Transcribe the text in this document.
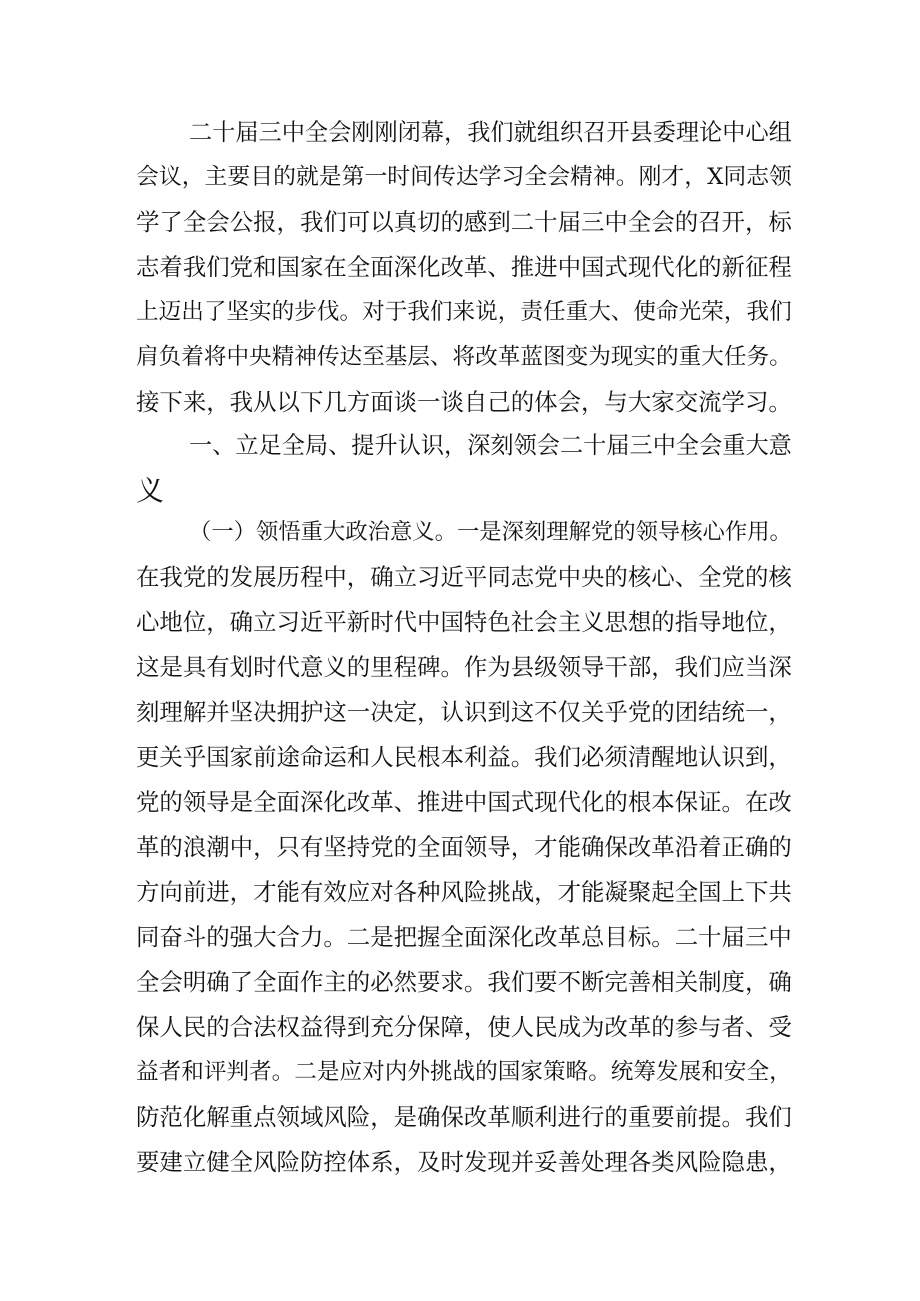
二十届三中全会刚刚闭幕，我们就组织召开县委理论中心组
会议，主要目的就是第一时间传达学习全会精神。刚才，X同志领
学了全会公报，我们可以真切的感到二十届三中全会的召开，标
志着我们党和国家在全面深化改革、推进中国式现代化的新征程
上迈出了坚实的步伐。对于我们来说，责任重大、使命光荣，我们
肩负着将中央精神传达至基层、将改革蓝图变为现实的重大任务。
接下来，我从以下几方面谈一谈自己的体会，与大家交流学习。
一、立足全局、提升认识，深刻领会二十届三中全会重大意
义
（一）领悟重大政治意义。一是深刻理解党的领导核心作用。
在我党的发展历程中，确立习近平同志党中央的核心、全党的核
心地位，确立习近平新时代中国特色社会主义思想的指导地位，
这是具有划时代意义的里程碑。作为县级领导干部，我们应当深
刻理解并坚决拥护这一决定，认识到这不仅关乎党的团结统一，
更关乎国家前途命运和人民根本利益。我们必须清醒地认识到，
党的领导是全面深化改革、推进中国式现代化的根本保证。在改
革的浪潮中，只有坚持党的全面领导，才能确保改革沿着正确的
方向前进，才能有效应对各种风险挑战，才能凝聚起全国上下共
同奋斗的强大合力。二是把握全面深化改革总目标。二十届三中
全会明确了全面作主的必然要求。我们要不断完善相关制度，确
保人民的合法权益得到充分保障，使人民成为改革的参与者、受
益者和评判者。二是应对内外挑战的国家策略。统筹发展和安全，
防范化解重点领域风险，是确保改革顺利进行的重要前提。我们
要建立健全风险防控体系，及时发现并妥善处理各类风险隐患，
